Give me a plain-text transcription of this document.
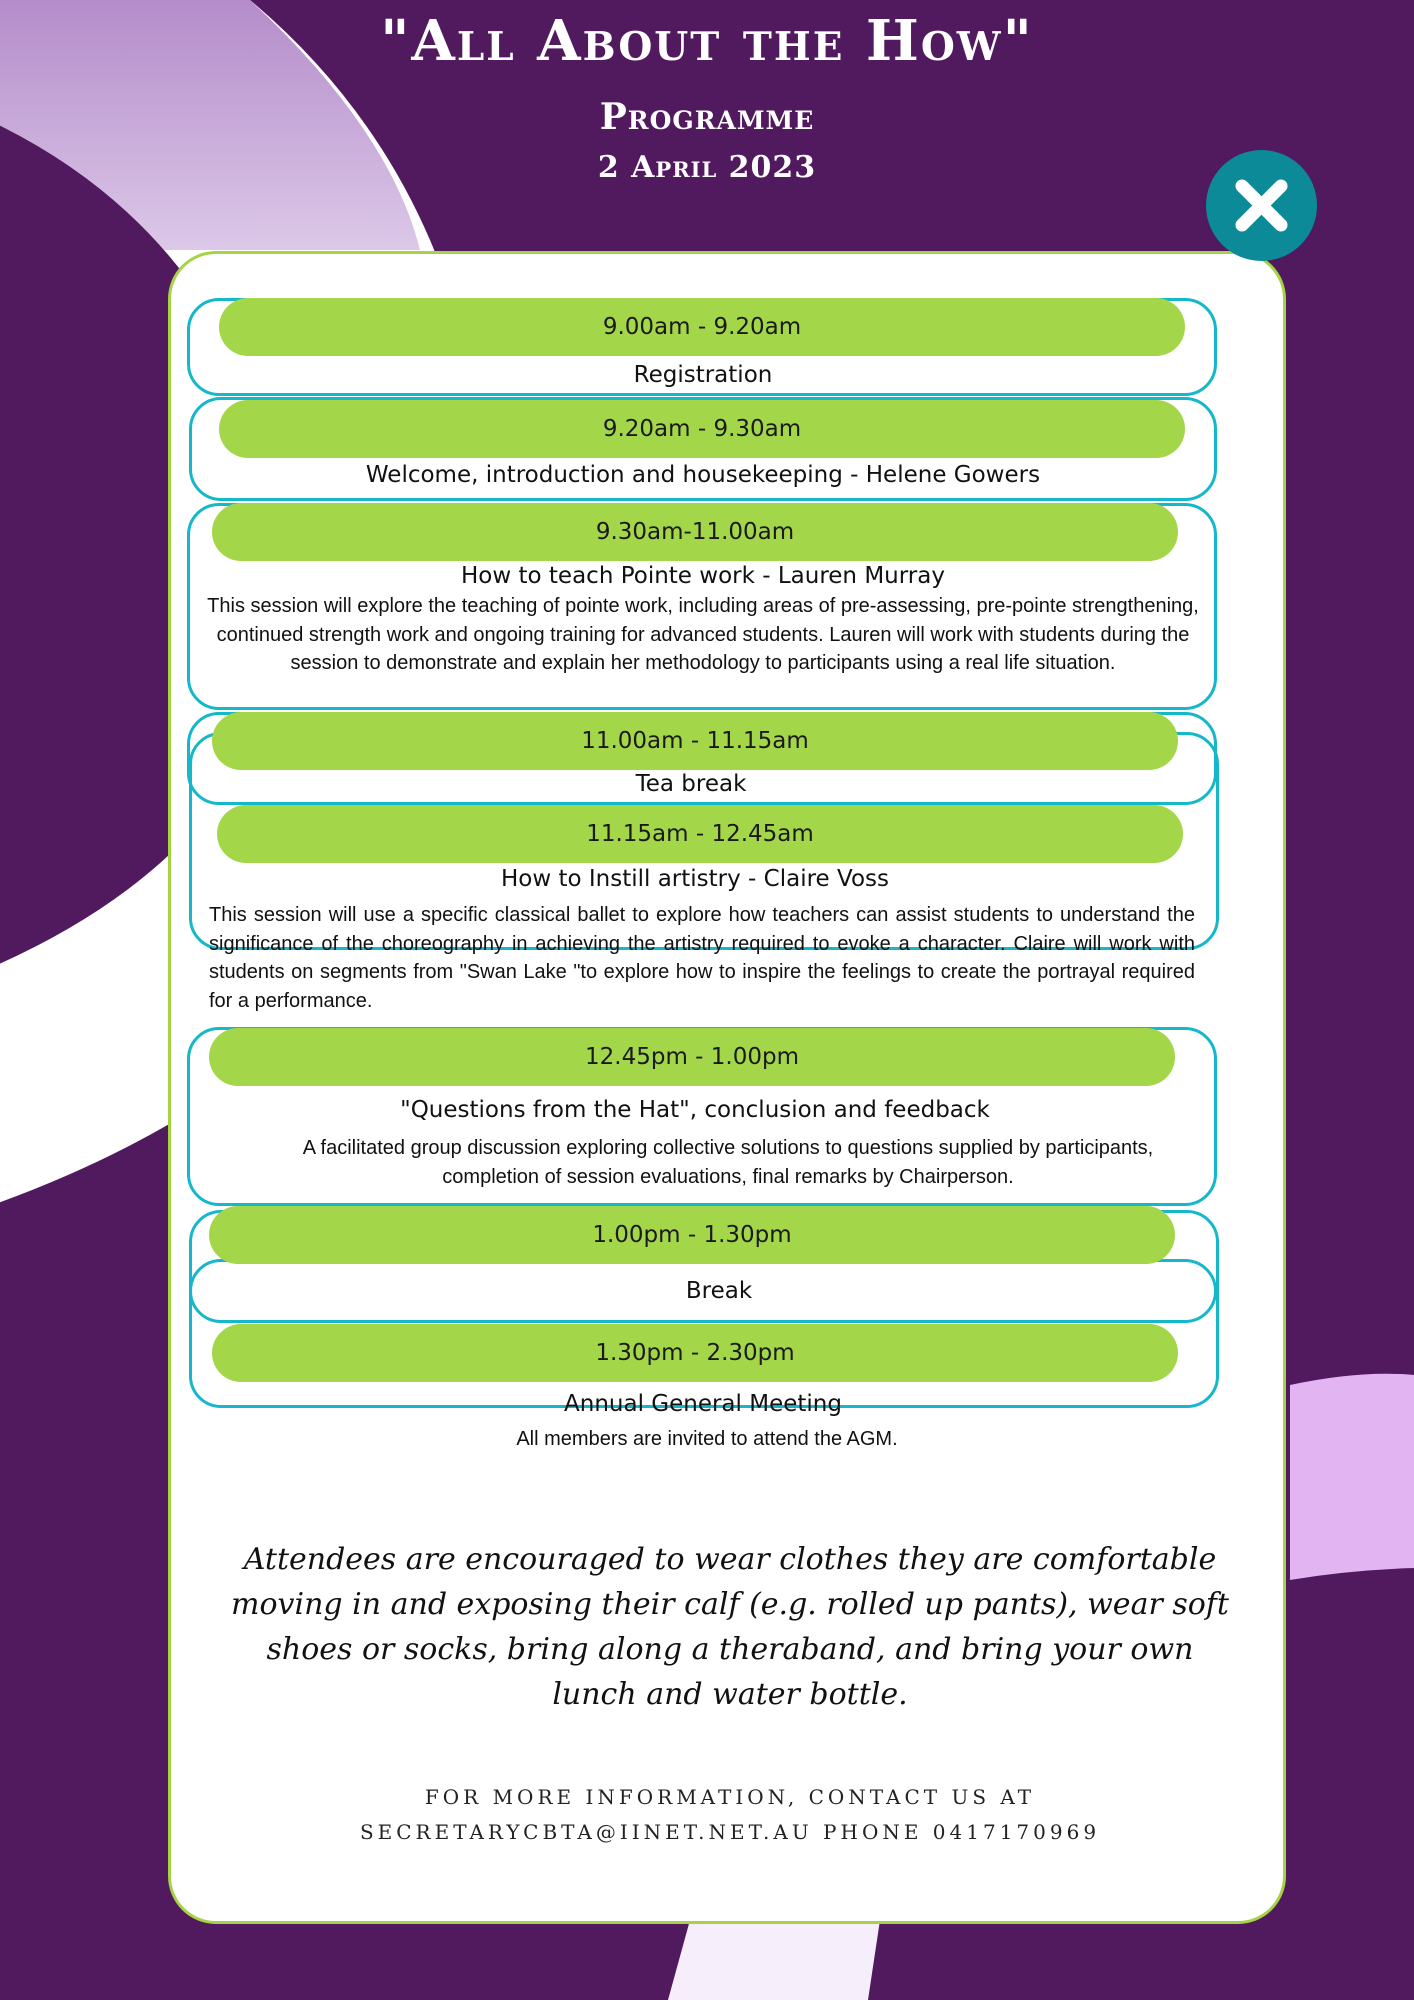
"All About the How"
Programme
2 April 2023
9.00am - 9.20am
Registration
9.20am - 9.30am
Welcome, introduction and housekeeping - Helene Gowers
9.30am-11.00am
How to teach Pointe work - Lauren Murray
This session will explore the teaching of pointe work, including areas of pre-assessing, pre-pointe strengthening, continued strength work and ongoing training for advanced students. Lauren will work with students during the session to demonstrate and explain her methodology to participants using a real life situation.
11.00am - 11.15am
Tea break
11.15am - 12.45am
How to Instill artistry - Claire Voss
This session will use a specific classical ballet to explore how teachers can assist students to understand the significance of the choreography in achieving the artistry required to evoke a character. Claire will work with students on segments from "Swan Lake "to explore how to inspire the feelings to create the portrayal required for a performance.
12.45pm - 1.00pm
"Questions from the Hat", conclusion and feedback
A facilitated group discussion exploring collective solutions to questions supplied by participants, completion of session evaluations, final remarks by Chairperson.
1.00pm - 1.30pm
Break
1.30pm - 2.30pm
Annual General Meeting
All members are invited to attend the AGM.
Attendees are encouraged to wear clothes they are comfortable moving in and exposing their calf (e.g. rolled up pants), wear soft shoes or socks, bring along a theraband, and bring your own lunch and water bottle.
FOR MORE INFORMATION, CONTACT US AT
SECRETARYCBTA@IINET.NET.AU PHONE 0417170969
